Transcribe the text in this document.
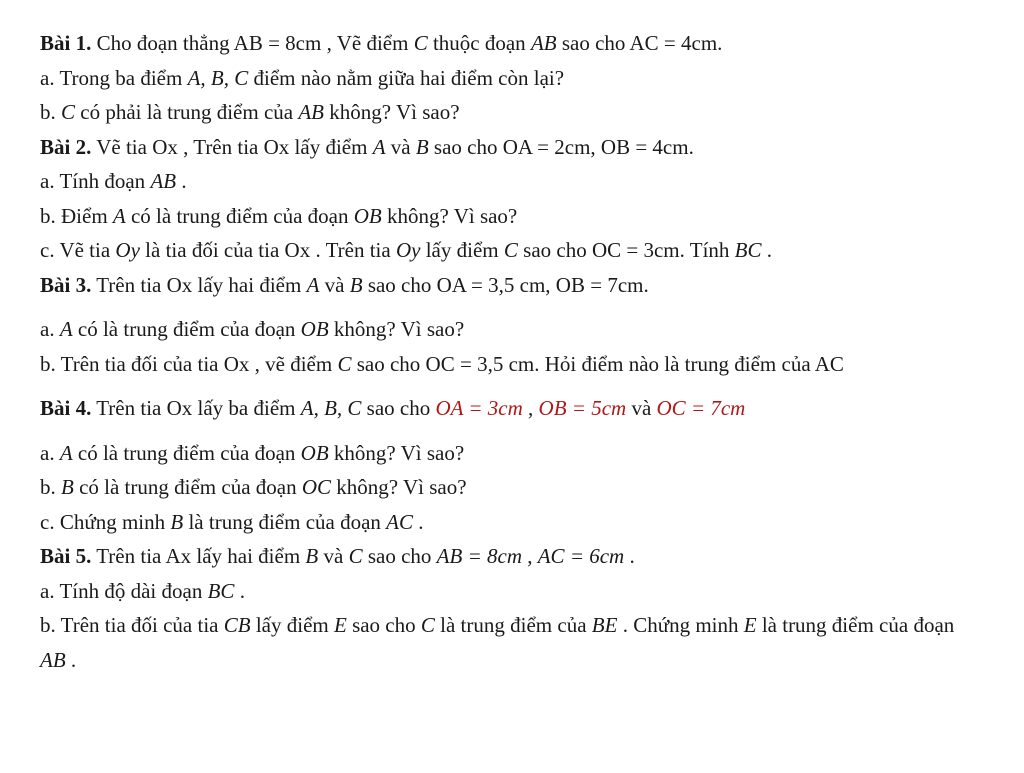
Bài 1. Cho đoạn thẳng AB = 8cm , Vẽ điểm C thuộc đoạn AB sao cho AC = 4cm.
a. Trong ba điểm A, B, C điểm nào nằm giữa hai điểm còn lại?
b. C có phải là trung điểm của AB không? Vì sao?
Bài 2. Vẽ tia Ox , Trên tia Ox lấy điểm A và B sao cho OA = 2cm, OB = 4cm.
a. Tính đoạn AB .
b. Điểm A có là trung điểm của đoạn OB không? Vì sao?
c. Vẽ tia Oy là tia đối của tia Ox . Trên tia Oy lấy điểm C sao cho OC = 3cm. Tính BC .
Bài 3. Trên tia Ox lấy hai điểm A và B sao cho OA = 3,5 cm, OB = 7cm.
a. A có là trung điểm của đoạn OB không? Vì sao?
b. Trên tia đối của tia Ox , vẽ điểm C sao cho OC = 3,5 cm. Hỏi điểm nào là trung điểm của AC
Bài 4. Trên tia Ox lấy ba điểm A, B, C sao cho OA = 3cm , OB = 5cm và OC = 7cm
a. A có là trung điểm của đoạn OB không? Vì sao?
b. B có là trung điểm của đoạn OC không? Vì sao?
c. Chứng minh B là trung điểm của đoạn AC .
Bài 5. Trên tia Ax lấy hai điểm B và C sao cho AB = 8cm , AC = 6cm .
a. Tính độ dài đoạn BC .
b. Trên tia đối của tia CB lấy điểm E sao cho C là trung điểm của BE . Chứng minh E là trung điểm của đoạn AB .
